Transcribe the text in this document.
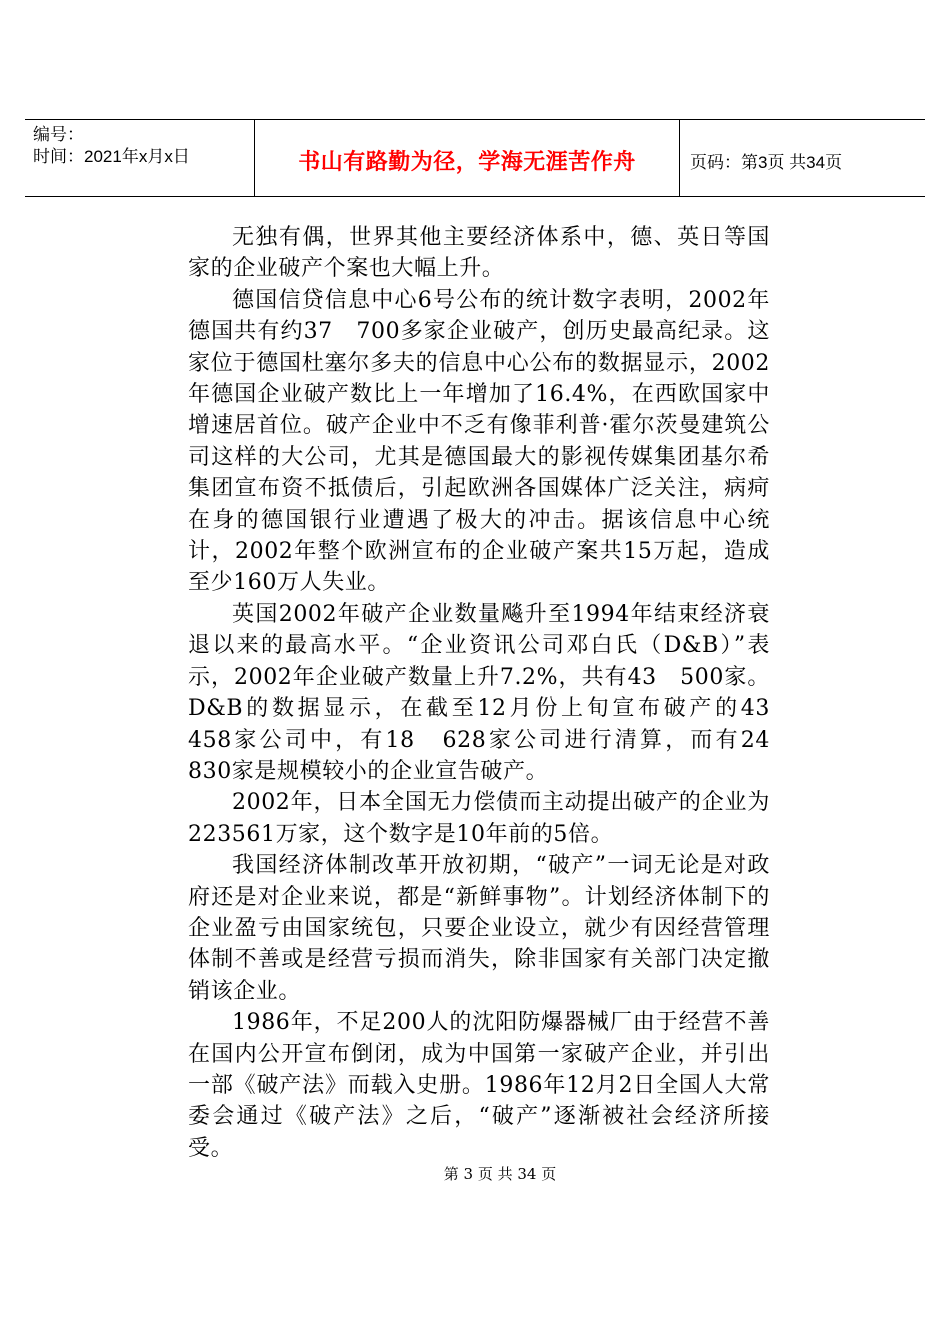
编号：
时间：2021年x月x日	书山有路勤为径，学海无涯苦作舟	页码：第3页 共34页

无独有偶，世界其他主要经济体系中，德、英日等国家的企业破产个案也大幅上升。

德国信贷信息中心6号公布的统计数字表明，2002年德国共有约37　700多家企业破产，创历史最高纪录。这家位于德国杜塞尔多夫的信息中心公布的数据显示，2002年德国企业破产数比上一年增加了16.4%，在西欧国家中增速居首位。破产企业中不乏有像菲利普·霍尔茨曼建筑公司这样的大公司，尤其是德国最大的影视传媒集团基尔希集团宣布资不抵债后，引起欧洲各国媒体广泛关注，病疴在身的德国银行业遭遇了极大的冲击。据该信息中心统计，2002年整个欧洲宣布的企业破产案共15万起，造成至少160万人失业。

英国2002年破产企业数量飚升至1994年结束经济衰退以来的最高水平。“企业资讯公司邓白氏（D&B）”表示，2002年企业破产数量上升7.2%，共有43　500家。D&B的数据显示，在截至12月份上旬宣布破产的43　458家公司中，有18　628家公司进行清算，而有24　830家是规模较小的企业宣告破产。

2002年，日本全国无力偿债而主动提出破产的企业为223561万家，这个数字是10年前的5倍。

我国经济体制改革开放初期，“破产”一词无论是对政府还是对企业来说，都是“新鲜事物”。计划经济体制下的企业盈亏由国家统包，只要企业设立，就少有因经营管理体制不善或是经营亏损而消失，除非国家有关部门决定撤销该企业。

1986年，不足200人的沈阳防爆器械厂由于经营不善在国内公开宣布倒闭，成为中国第一家破产企业，并引出一部《破产法》而载入史册。1986年12月2日全国人大常委会通过《破产法》之后，“破产”逐渐被社会经济所接受。

第 3 页 共 34 页
